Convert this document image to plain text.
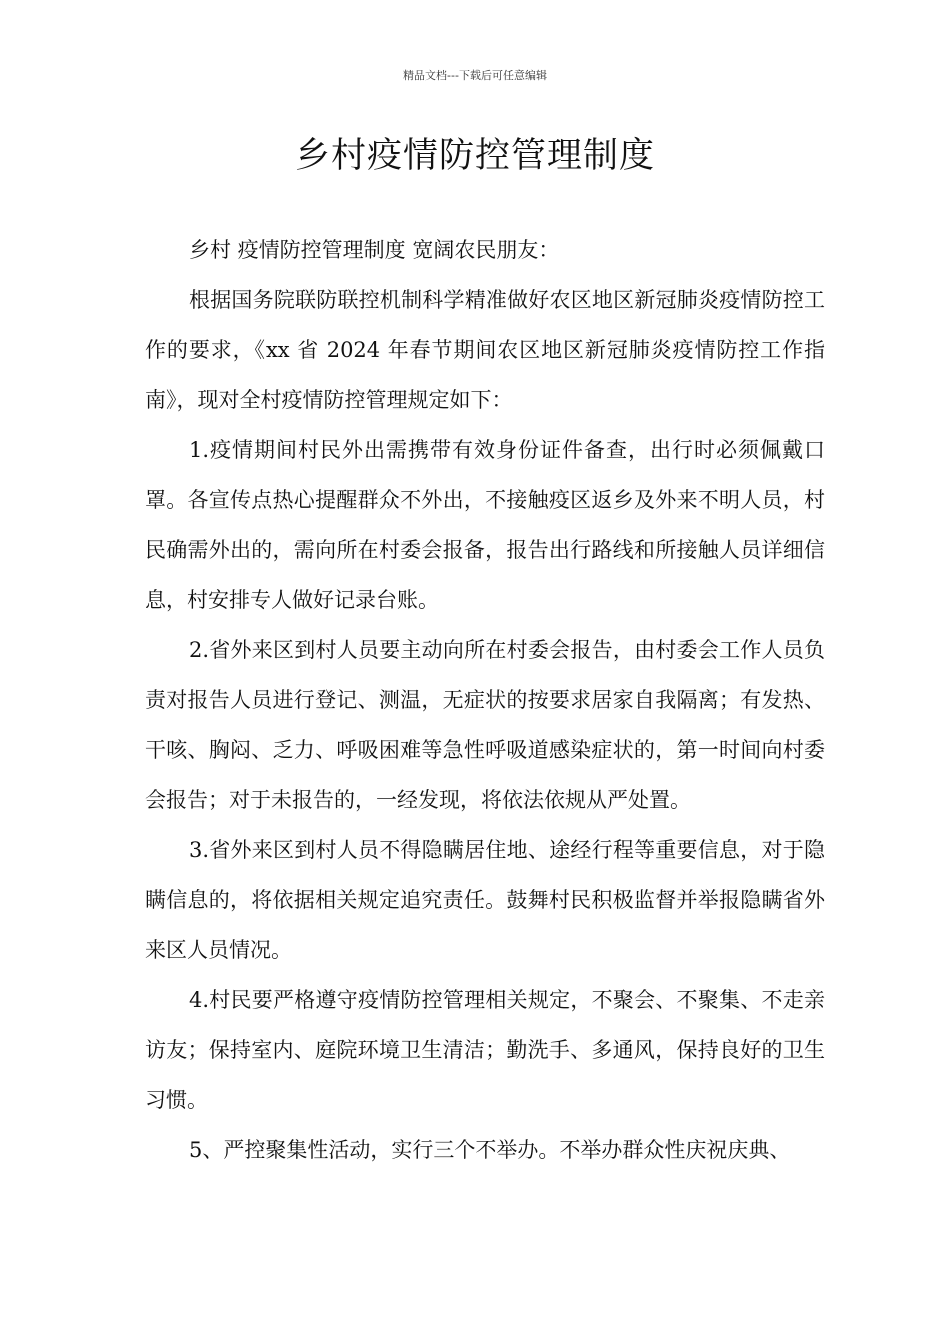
精品文档---下载后可任意编辑
乡村疫情防控管理制度

乡村 疫情防控管理制度 宽阔农民朋友：

根据国务院联防联控机制科学精准做好农区地区新冠肺炎疫情防控工作的要求，《xx 省 2024 年春节期间农区地区新冠肺炎疫情防控工作指南》，现对全村疫情防控管理规定如下：

1.疫情期间村民外出需携带有效身份证件备查，出行时必须佩戴口罩。各宣传点热心提醒群众不外出，不接触疫区返乡及外来不明人员，村民确需外出的，需向所在村委会报备，报告出行路线和所接触人员详细信息，村安排专人做好记录台账。

2.省外来区到村人员要主动向所在村委会报告，由村委会工作人员负责对报告人员进行登记、测温，无症状的按要求居家自我隔离；有发热、干咳、胸闷、乏力、呼吸困难等急性呼吸道感染症状的，第一时间向村委会报告；对于未报告的，一经发现，将依法依规从严处置。

3.省外来区到村人员不得隐瞒居住地、途经行程等重要信息，对于隐瞒信息的，将依据相关规定追究责任。鼓舞村民积极监督并举报隐瞒省外来区人员情况。

4.村民要严格遵守疫情防控管理相关规定，不聚会、不聚集、不走亲访友；保持室内、庭院环境卫生清洁；勤洗手、多通风，保持良好的卫生习惯。

5、严控聚集性活动，实行三个不举办。不举办群众性庆祝庆典、
